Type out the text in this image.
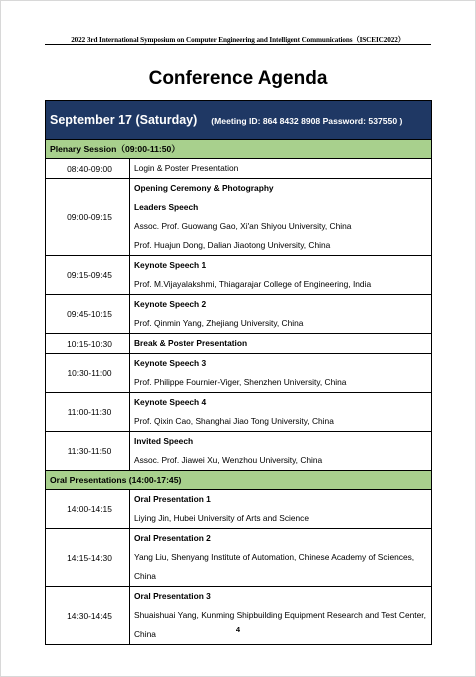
2022 3rd International Symposium on Computer Engineering and Intelligent Communications（ISCEIC2022）
Conference Agenda
September 17 (Saturday) (Meeting ID: 864 8432 8908 Password: 537550 )	
Plenary Session（09:00-11:50）	
08:40-09:00	Login & Poster Presentation

09:00-09:15	Opening Ceremony & Photography
Leaders Speech
Assoc. Prof. Guowang Gao, Xi'an Shiyou University, China
Prof. Huajun Dong, Dalian Jiaotong University, China

09:15-09:45	Keynote Speech 1
Prof. M.Vijayalakshmi, Thiagarajar College of Engineering, India

09:45-10:15	Keynote Speech 2
Prof. Qinmin Yang, Zhejiang University, China

10:15-10:30	Break & Poster Presentation

10:30-11:00	Keynote Speech 3
Prof. Philippe Fournier-Viger, Shenzhen University, China

11:00-11:30	Keynote Speech 4
Prof. Qixin Cao, Shanghai Jiao Tong University, China

11:30-11:50	Invited Speech
Assoc. Prof. Jiawei Xu, Wenzhou University, China

Oral Presentations (14:00-17:45)	
14:00-14:15	Oral Presentation 1
Liying Jin, Hubei University of Arts and Science

14:15-14:30	Oral Presentation 2
Yang Liu, Shenyang Institute of Automation, Chinese Academy of Sciences, China

14:30-14:45	Oral Presentation 3
Shuaishuai Yang, Kunming Shipbuilding Equipment Research and Test Center, China	4
